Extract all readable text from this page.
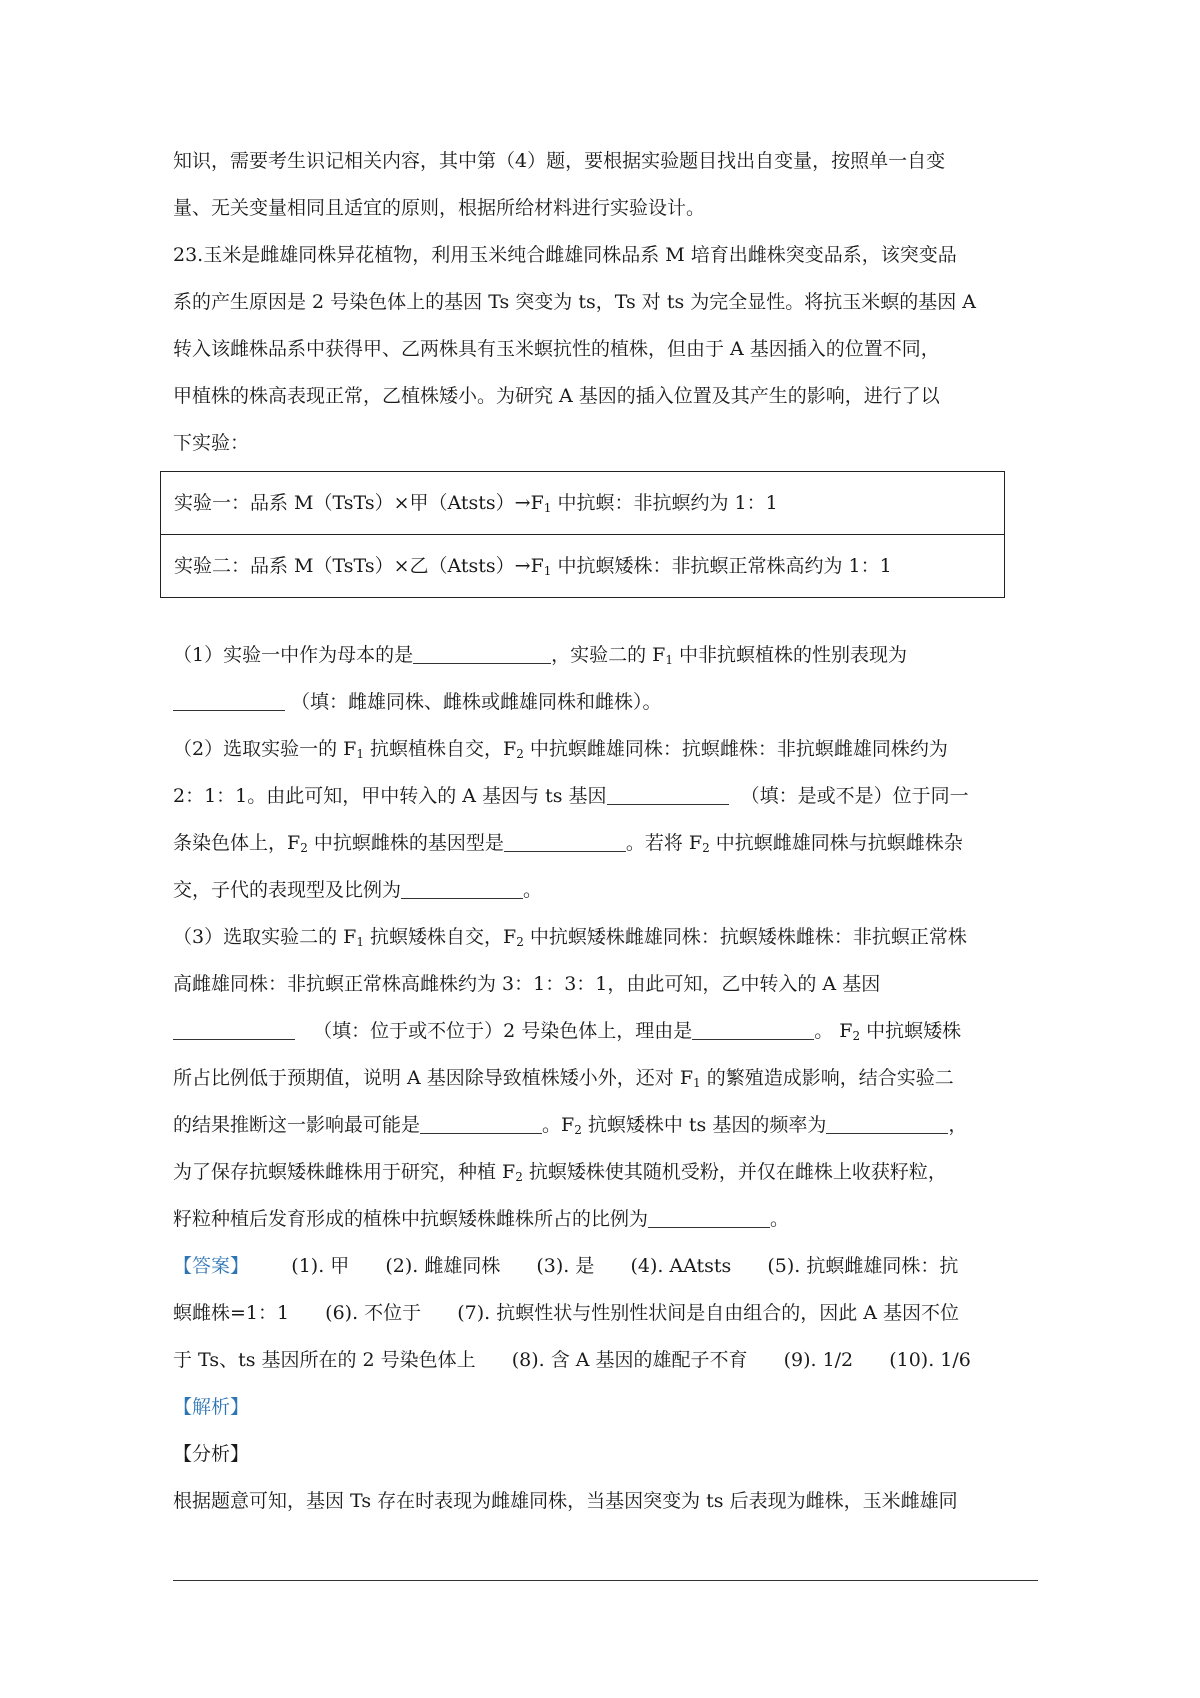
知识，需要考生识记相关内容，其中第（4）题，要根据实验题目找出自变量，按照单一自变

量、无关变量相同且适宜的原则，根据所给材料进行实验设计。

23.玉米是雌雄同株异花植物，利用玉米纯合雌雄同株品系 M 培育出雌株突变品系，该突变品

系的产生原因是 2 号染色体上的基因 Ts 突变为 ts，Ts 对 ts 为完全显性。将抗玉米螟的基因 A

转入该雌株品系中获得甲、乙两株具有玉米螟抗性的植株，但由于 A 基因插入的位置不同，

甲植株的株高表现正常，乙植株矮小。为研究 A 基因的插入位置及其产生的影响，进行了以

下实验：

实验一：品系 M（TsTs）×甲$(Atsts)\to F_1$ 中抗螟：非抗螟约为 1：1
实验二：品系 M（TsTs）×乙$(Atsts)\to F_1$ 中抗螟矮株：非抗螟正常株高约为 1：1

（1）实验一中作为母本的是	，实验二的 $F_1$ 中非抗螟植株的性别表现为

（填：雌雄同株、雌株或雌雄同株和雌株）。

（2）选取实验一的 $F_1$ 抗螟植株自交，$F_2$ 中抗螟雌雄同株：抗螟雌株：非抗螟雌雄同株约为

2：1：1。由此可知，甲中转入的 A 基因与 ts 基因	（填：是或不是）位于同一

条染色体上，$F_2$ 中抗螟雌株的基因型是	。若将 $F_2$ 中抗螟雌雄同株与抗螟雌株杂

交，子代的表现型及比例为	。

（3）选取实验二的 $F_1$ 抗螟矮株自交，$F_2$ 中抗螟矮株雌雄同株：抗螟矮株雌株：非抗螟正常株

高雌雄同株：非抗螟正常株高雌株约为 3：1：3：1，由此可知，乙中转入的 A 基因

（填：位于或不位于）2 号染色体上，理由是	。 $F_2$ 中抗螟矮株

所占比例低于预期值，说明 A 基因除导致植株矮小外，还对 $F_1$ 的繁殖造成影响，结合实验二

的结果推断这一影响最可能是	。$F_2$ 抗螟矮株中 ts 基因的频率为	，

为了保存抗螟矮株雌株用于研究，种植 $F_2$ 抗螟矮株使其随机受粉，并仅在雌株上收获籽粒，

籽粒种植后发育形成的植株中抗螟矮株雌株所占的比例为	。

【答案】 (1). 甲 (2). 雌雄同株 (3). 是 (4). AAtsts (5). 抗螟雌雄同株：抗

螟雌株=1：1 (6). 不位于 (7). 抗螟性状与性别性状间是自由组合的，因此 A 基因不位

于 Ts、ts 基因所在的 2 号染色体上 (8). 含 A 基因的雄配子不育 (9). 1/2 (10). 1/6

【解析】

【分析】

根据题意可知，基因 Ts 存在时表现为雌雄同株，当基因突变为 ts 后表现为雌株，玉米雌雄同
